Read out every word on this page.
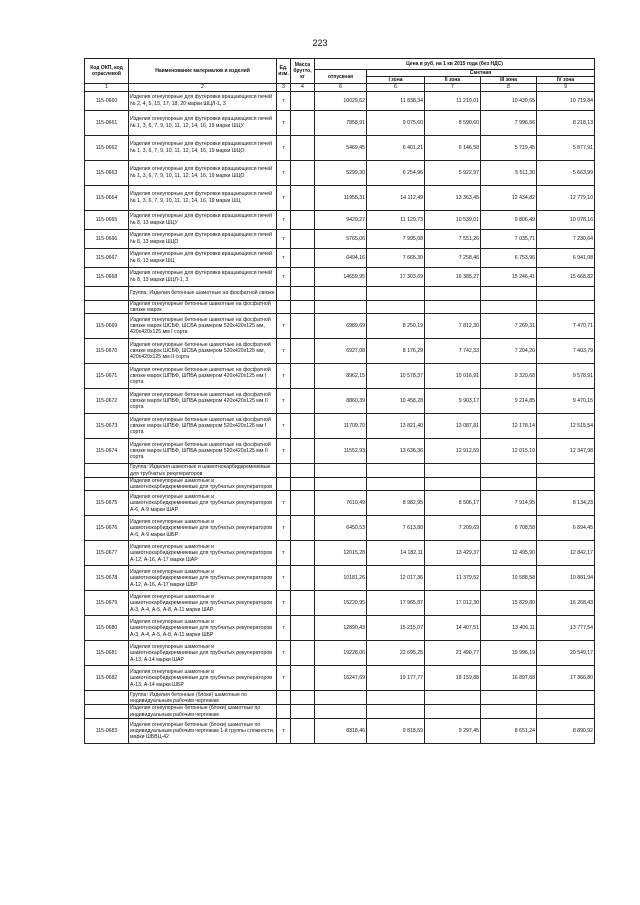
223
Код ОКП, код отраслевой	Наименование материалов и изделий	Ед. изм.	Масса брутто, кг	Цена в руб. на 1 кв 2015 года (без НДС)				
				отпускная	Сметная			
					I зона	II зона	III зона	IV зона
1	2	3	4	6	6	7	8	9
115-0660	Изделия огнеупорные для футеровки вращающихся печей № 2, 4, 5, 15, 17, 18, 20 марки ШЦЛ-1, 3	т		10029,62	11 838,34	11 210,01	10 430,65	10 719,84
115-0661	Изделия огнеупорные для футеровки вращающихся печей № 1, 3, 6, 7, 9, 10, 11, 12, 14, 16, 19 марки ШЦУ	т		7858,91	9 075,60	8 590,60	7 996,56	8 218,13
115-0662	Изделия огнеупорные для футеровки вращающихся печей № 1, 3, 6, 7, 9, 10, 11, 12, 14, 16, 19 марки ШЦО	т		5469,45	6 401,21	6 146,58	5 719,45	5 877,91
115-0663	Изделия огнеупорные для футеровки вращающихся печей № 1, 3, 6, 7, 9, 10, 11, 12, 14, 16, 19 марки ШЦО	т		5299,30	6 254,96	5 922,97	5 511,30	5 663,99
115-0664	Изделия огнеупорные для футеровки вращающихся печей № 1, 3, 6, 7, 9, 10, 11, 12, 14, 16, 19 марки ШЦ	т		11958,31	14 112,49	13 363,45	12 434,82	12 779,10
115-0665	Изделия огнеупорные для футеровки вращающихся печей № 8, 13 марки ШЦУ	т		9429,27	11 129,73	10 539,01	9 806,49	10 078,16
115-0666	Изделия огнеупорные для футеровки вращающихся печей № 8, 13 марки ШЦО	т		5765,06	7 995,08	7 551,26	7 035,71	7 230,64
115-0667	Изделия огнеупорные для футеровки вращающихся печей № 8, 13 марки ШЦ	т		6494,16	7 665,30	7 258,46	6 753,96	6 941,08
115-0668	Изделия огнеупорные для футеровки вращающихся печей № 8, 13 марки ШЦЛ-1, 3	т		14659,95	17 303,69	16 385,27	15 246,41	15 668,82
	Группа: Изделия бетонные шамотные на фосфатной связке							
	Изделия огнеупорные бетонные шамотные на фосфатной связке марок							
115-0669	Изделия огнеупорные бетонные шамотные на фосфатной связке марок ШСБФ, ШСБА размером 520х420х125 мм, 420х420х125 мм I сорта	т		6989,69	8 250,19	7 812,30	7 269,31	7 470,71
115-0670	Изделия огнеупорные бетонные шамотные на фосфатной связке марок ШСБФ, ШСБА размером 520х420х125 мм, 420х420х125 мм II сорта	т		6927,08	8 176,29	7 742,33	7 204,20	7 403,79
115-0671	Изделия огнеупорные бетонные шамотные на фосфатной связке марок ШПБФ, ШПБА размером 420х420х125 мм I сорта	т		8962,15	10 578,37	10 016,91	9 320,68	9 578,91
115-0672	Изделия огнеупорные бетонные шамотные на фосфатной связке марок ШПБФ, ШПБА размером 420х420х125 мм II сорта	т		8860,39	10 458,28	9 903,17	9 214,85	9 470,15
115-0673	Изделия огнеупорные бетонные шамотные на фосфатной связке марок ШПБФ, ШПБА размером 520х420х125 мм I сорта	т		11709,70	13 821,40	13 087,81	12 178,14	12 515,54
115-0674	Изделия огнеупорные бетонные шамотные на фосфатной связке марок ШПБФ, ШПБА размером 520х420х125 мм II сорта	т		11552,93	13 636,36	12 912,59	12 015,10	12 347,98
	Группа: Изделия шамотные и шамотнокарбидкремниевые для трубчатых рекуператоров							
	Изделия огнеупорные шамотные и шамотнокарбидкремниевые для трубчатых рекуператоров							
115-0675	Изделия огнеупорные шамотные и шамотнокарбидкремниевые для трубчатых рекуператоров А-6, А-9 марки ШАР	т		7610,49	8 982,95	8 506,17	7 914,95	8 134,23
115-0676	Изделия огнеупорные шамотные и шамотнокарбидкремниевые для трубчатых рекуператоров А-6, А-9 марки ШБР	т		6450,53	7 613,80	7 209,69	6 708,58	6 894,45
115-0677	Изделия огнеупорные шамотные и шамотнокарбидкремниевые для трубчатых рекуператоров А-12, А-16, А-17 марки ШАР	т		12015,28	14 182,11	13 429,37	12 495,90	12 842,17
115-0678	Изделия огнеупорные шамотные и шамотнокарбидкремниевые для трубчатых рекуператоров А-12, А-16, А-17 марки ШБР	т		10181,26	12 017,36	11 379,52	10 588,58	10 881,94
115-0679	Изделия огнеупорные шамотные и шамотнокарбидкремниевые для трубчатых рекуператоров А-3, А-4, А-5, А-8, А-11 марки ШАР	т		15220,95	17 965,87	17 012,30	15 829,80	16 268,43
115-0680	Изделия огнеупорные шамотные и шамотнокарбидкремниевые для трубчатых рекуператоров А-3, А-4, А-5, А-8, А-11 марки ШБР	т		12890,43	15 215,07	14 407,51	13 406,11	13 777,54
115-0681	Изделия огнеупорные шамотные и шамотнокарбидкремниевые для трубчатых рекуператоров А-13, А-14 марки ШАР	т		19228,06	22 695,25	21 490,77	19 996,19	20 549,17
115-0682	Изделия огнеупорные шамотные и шамотнокарбидкремниевые для трубчатых рекуператоров А-13, А-14 марки ШБР	т		16247,69	19 177,77	18 159,88	16 897,68	17 366,80
	Группа: Изделия бетонные (блоки) шамотные по индивидуальным рабочим чертежам							
	Изделия огнеупорные бетонные (блоки) шамотные по индивидуальным рабочим чертежам							
115-0683	Изделия огнеупорные бетонные (блоки) шамотные по индивидуальным рабочим чертежам 1-й группы сложности, марки ШБВЦ-42	т		8318,46	9 818,59	9 297,45	8 651,24	8 890,92
